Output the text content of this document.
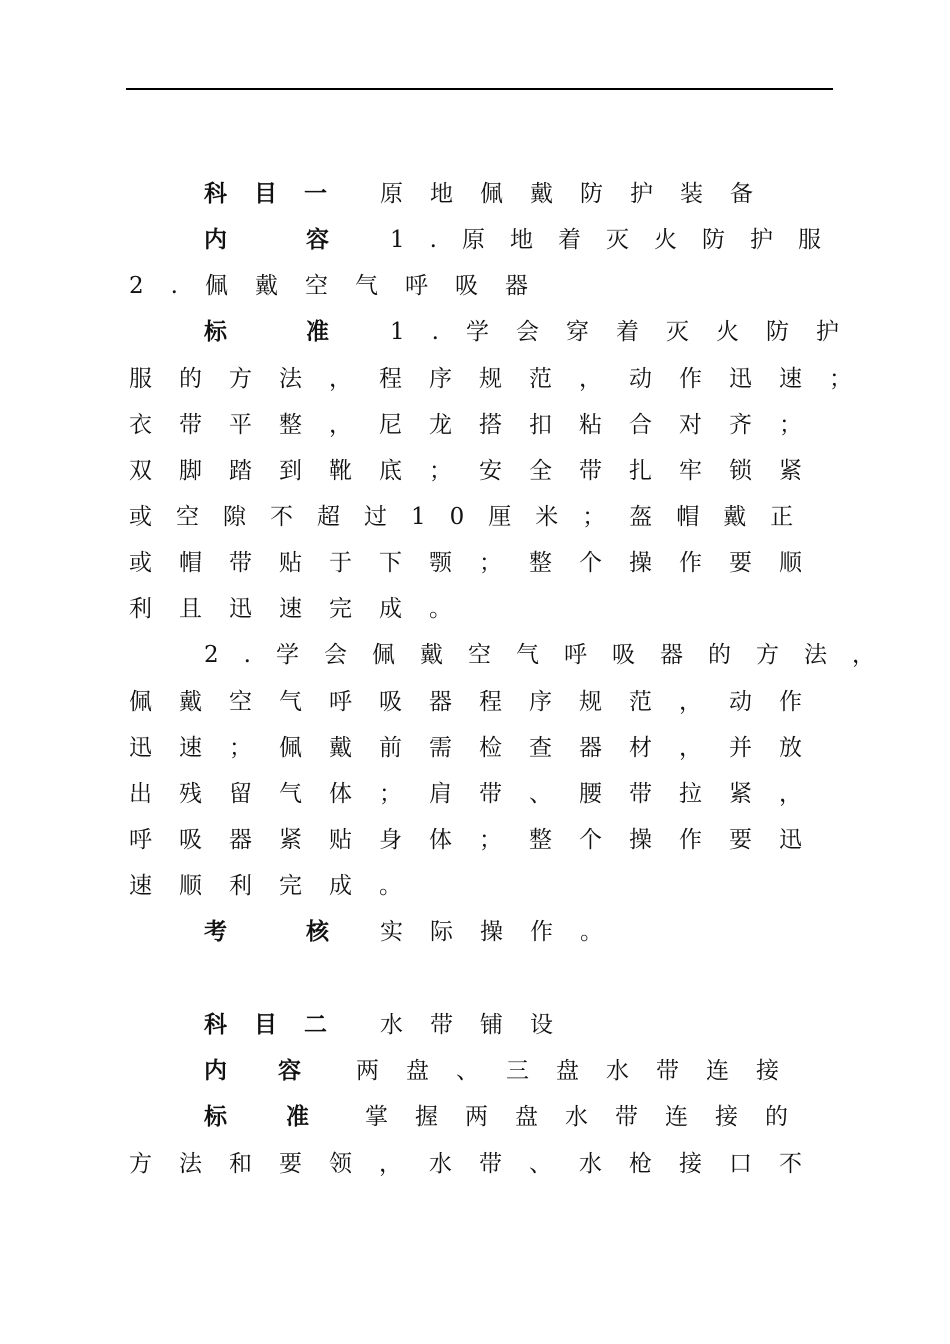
科目一 原地佩戴防护装备
内　容 1.原地着灭火防护服
2.佩戴空气呼吸器
标　准 1.学会穿着灭火防护
服的方法，程序规范，动作迅速；
衣带平整，尼龙搭扣粘合对齐；
双脚踏到靴底；安全带扎牢锁紧
或空隙不超过10厘米；盔帽戴正
或帽带贴于下颚；整个操作要顺
利且迅速完成。
2.学会佩戴空气呼吸器的方法，
佩戴空气呼吸器程序规范，动作
迅速；佩戴前需检查器材，并放
出残留气体；肩带、腰带拉紧，
呼吸器紧贴身体；整个操作要迅
速顺利完成。
考　核 实际操作。
科目二 水带铺设
内　容 两盘、三盘水带连接
标　准 掌握两盘水带连接的
方法和要领，水带、水枪接口不
